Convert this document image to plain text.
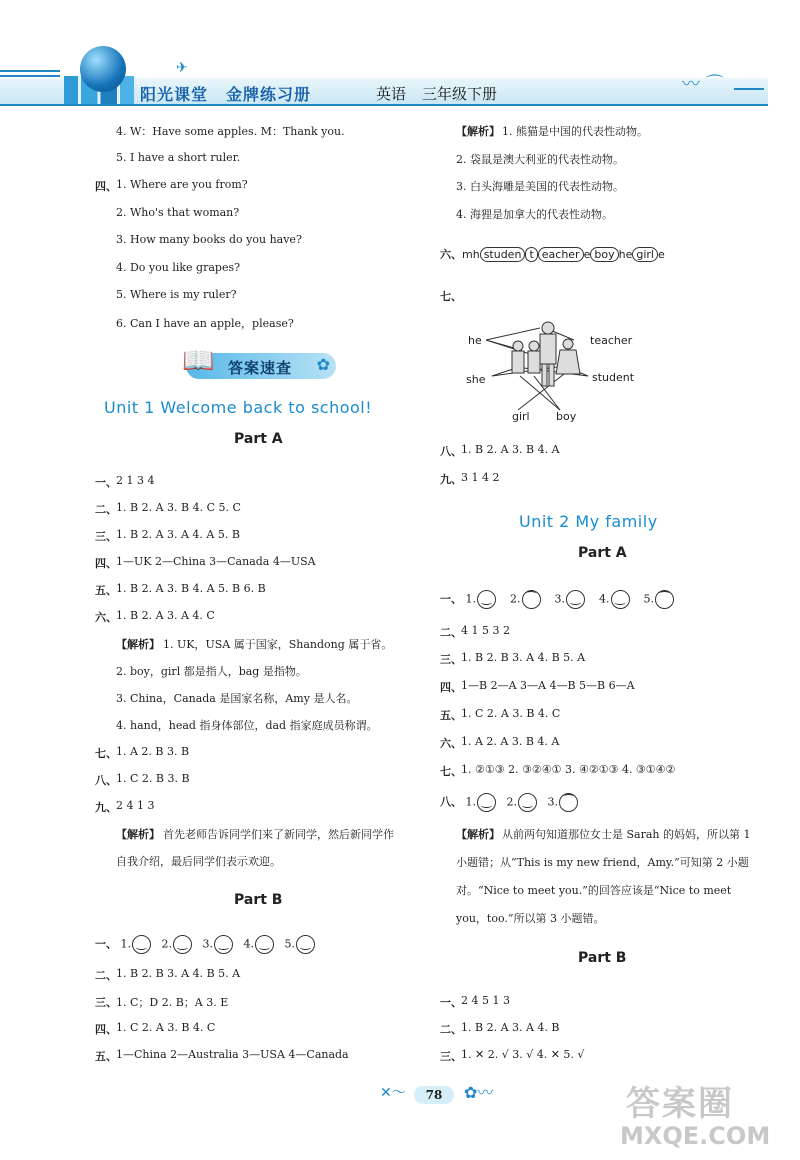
✈
阳光课堂 金牌练习册	英语 三年级下册	〰 ⌒
4. W：Have some apples. M：Thank you.
5. I have a short ruler.
四、 1. Where are you from?
2. Who's that woman?
3. How many books do you have?
4. Do you like grapes?
5. Where is my ruler?
6. Can I have an apple，please?
📖 答案速查 ✿
Unit 1 Welcome back to school!
Part A
一、 2 1 3 4
二、 1. B 2. A 3. B 4. C 5. C
三、 1. B 2. A 3. A 4. A 5. B
四、 1—UK 2—China 3—Canada 4—USA
五、 1. B 2. A 3. B 4. A 5. B 6. B
六、 1. B 2. A 3. A 4. C
【解析】 1. UK，USA 属于国家，Shandong 属于省。
2. boy，girl 都是指人，bag 是指物。
3. China，Canada 是国家名称，Amy 是人名。
4. hand，head 指身体部位，dad 指家庭成员称谓。
七、 1. A 2. B 3. B
八、 1. C 2. B 3. B
九、 2 4 1 3
【解析】 首先老师告诉同学们来了新同学，然后新同学作
自我介绍，最后同学们表示欢迎。
Part B
一、 1. ‿ 2. ‿ 3. ‿ 4. ‿ 5. ‿
二、 1. B 2. B 3. A 4. B 5. A
三、 1. C；D 2. B；A 3. E
四、 1. C 2. A 3. B 4. C
五、 1—China 2—Australia 3—USA 4—Canada
【解析】 1. 熊猫是中国的代表性动物。
2. 袋鼠是澳大利亚的代表性动物。
3. 白头海雕是美国的代表性动物。
4. 海狸是加拿大的代表性动物。
六、mh studen t eacher e boy he girl e
七、
he	teacher
she	student
girl boy
八、 1. B 2. A 3. B 4. A
九、 3 1 4 2
Unit 2 My family
Part A
一、 1. ‿ 2. ⁀ 3. ‿ 4. ‿ 5. ⁀
二、 4 1 5 3 2
三、 1. B 2. B 3. A 4. B 5. A
四、 1—B 2—A 3—A 4—B 5—B 6—A
五、 1. C 2. A 3. B 4. C
六、 1. A 2. A 3. B 4. A
七、 1. ②①③ 2. ③②④① 3. ④②①③ 4. ③①④②
八、 1. ‿ 2. ‿ 3. ⁀
【解析】 从前两句知道那位女士是 Sarah 的妈妈，所以第 1
小题错；从“This is my new friend，Amy.”可知第 2 小题
对。“Nice to meet you.”的回答应该是“Nice to meet
you，too.”所以第 3 小题错。
Part B
一、 2 4 5 1 3
二、 1. B 2. A 3. A 4. B
三、 1. ✕ 2. √ 3. √ 4. ✕ 5. √
✕〜	78	✿〰	答案圈
MXQE.COM
